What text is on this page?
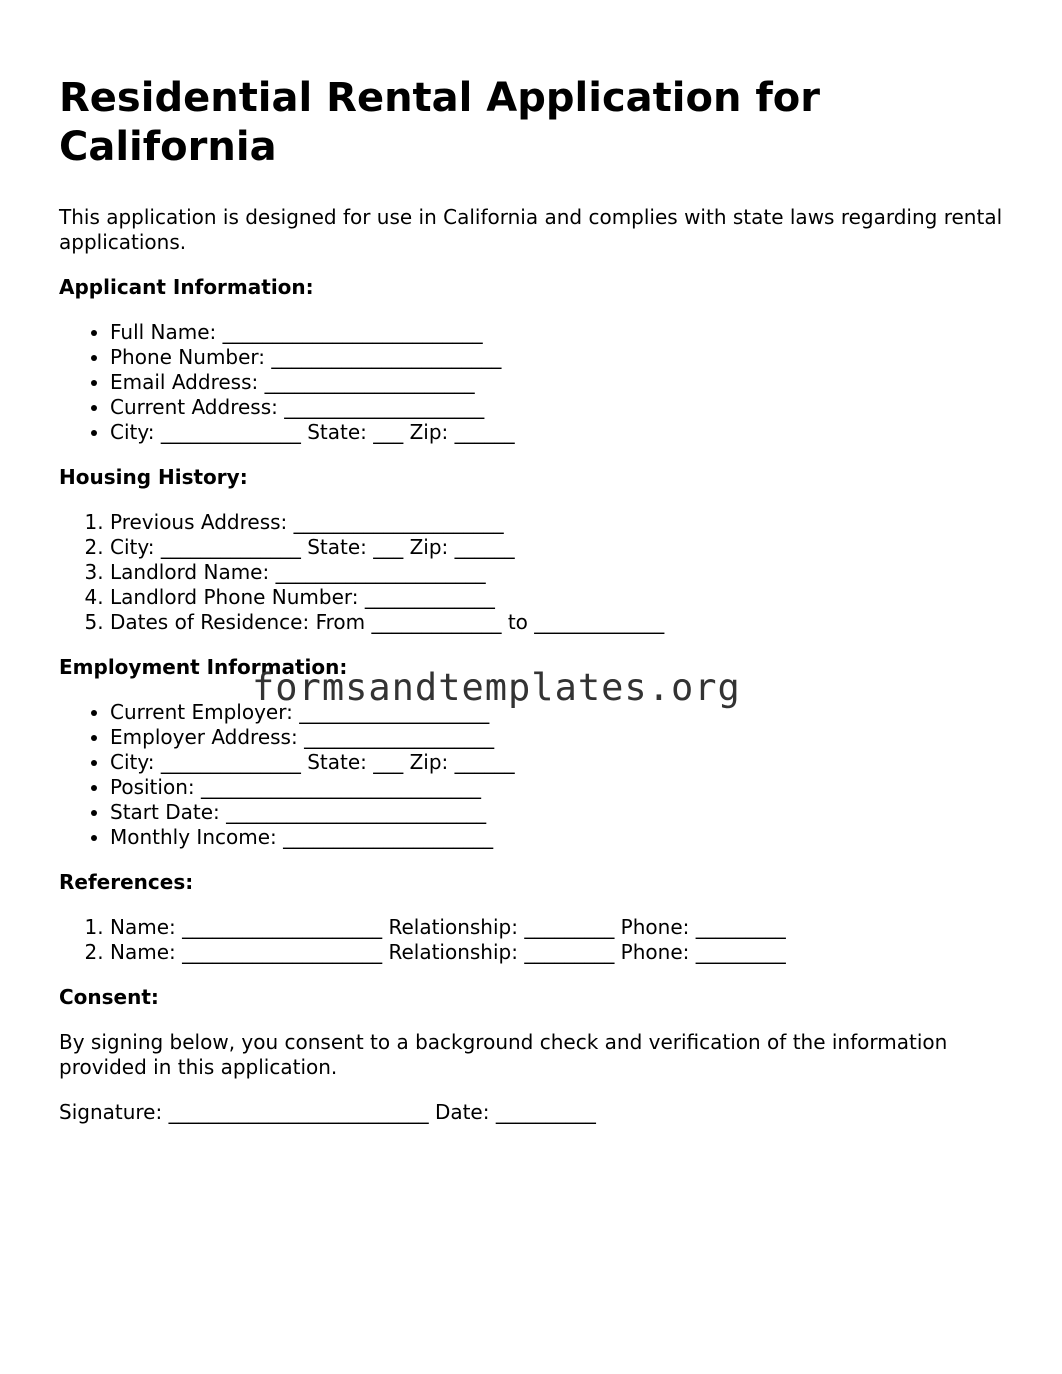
Residential Rental Application for California

This application is designed for use in California and complies with state laws regarding rental applications.

Applicant Information:
• Full Name: __________________________
• Phone Number: _______________________
• Email Address: _____________________
• Current Address: ____________________
• City: ______________ State: ___ Zip: ______
Housing History:
1. Previous Address: _____________________
2. City: ______________ State: ___ Zip: ______
3. Landlord Name: _____________________
4. Landlord Phone Number: _____________
5. Dates of Residence: From _____________ to _____________
Employment Information:
• Current Employer: ___________________
• Employer Address: ___________________
• City: ______________ State: ___ Zip: ______
• Position: ____________________________
• Start Date: __________________________
• Monthly Income: _____________________
References:
1. Name: ____________________ Relationship: _________ Phone: _________
2. Name: ____________________ Relationship: _________ Phone: _________
Consent:

By signing below, you consent to a background check and verification of the information provided in this application.

Signature: __________________________ Date: __________

formsandtemplates.org
